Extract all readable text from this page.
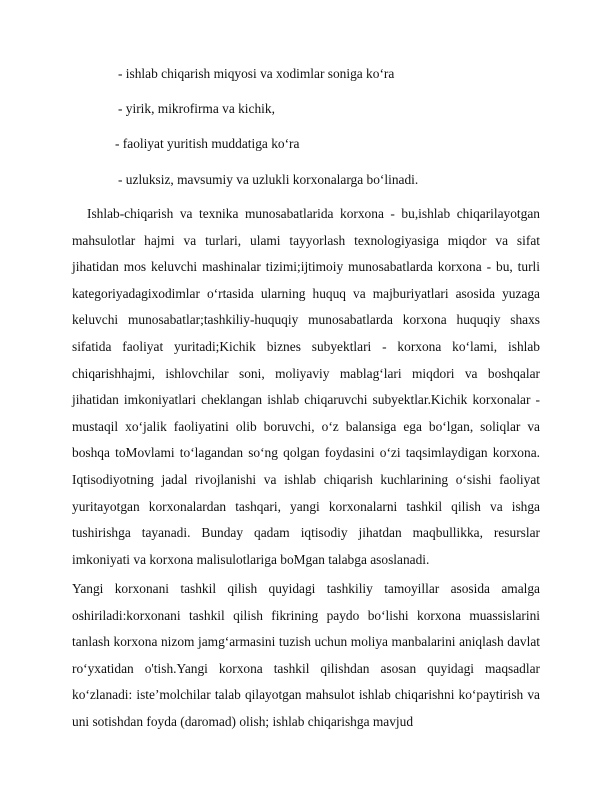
- ishlab chiqarish miqyosi va xodimlar soniga ko‘ra
- yirik, mikrofirma va kichik,
- faoliyat yuritish muddatiga ko‘ra
- uzluksiz, mavsumiy va uzlukli korxonalarga bo‘linadi.

Ishlab-chiqarish va texnika munosabatlarida korxona - bu,ishlab chiqarilayotgan mahsulotlar hajmi va turlari, ulami tayyorlash texnologiyasiga miqdor va sifat jihatidan mos keluvchi mashinalar tizimi;ijtimoiy munosabatlarda korxona - bu, turli kategoriyadagixodimlar o‘rtasida ularning huquq va majburiyatlari asosida yuzaga keluvchi munosabatlar;tashkiliy-huquqiy munosabatlarda korxona huquqiy shaxs sifatida faoliyat yuritadi;Kichik biznes subyektlari - korxona ko‘lami, ishlab chiqarishhajmi, ishlovchilar soni, moliyaviy mablag‘lari miqdori va boshqalar jihatidan imkoniyatlari cheklangan ishlab chiqaruvchi subyektlar.Kichik korxonalar - mustaqil xo‘jalik faoliyatini olib boruvchi, o‘z balansiga ega bo‘lgan, soliqlar va boshqa toMovlami to‘lagandan so‘ng qolgan foydasini o‘zi taqsimlaydigan korxona. Iqtisodiyotning jadal rivojlanishi va ishlab chiqarish kuchlarining o‘sishi faoliyat yuritayotgan korxonalardan tashqari, yangi korxonalarni tashkil qilish va ishga tushirishga tayanadi. Bunday qadam iqtisodiy jihatdan maqbullikka, resurslar imkoniyati va korxona malisulotlariga boMgan talabga asoslanadi.

Yangi korxonani tashkil qilish quyidagi tashkiliy tamoyillar asosida amalga oshiriladi:korxonani tashkil qilish fikrining paydo bo‘lishi korxona muassislarini tanlash korxona nizom jamg‘armasini tuzish uchun moliya manbalarini aniqlash davlat ro‘yxatidan o'tish.Yangi korxona tashkil qilishdan asosan quyidagi maqsadlar ko‘zlanadi: iste’molchilar talab qilayotgan mahsulot ishlab chiqarishni ko‘paytirish va uni sotishdan foyda (daromad) olish; ishlab chiqarishga mavjud
